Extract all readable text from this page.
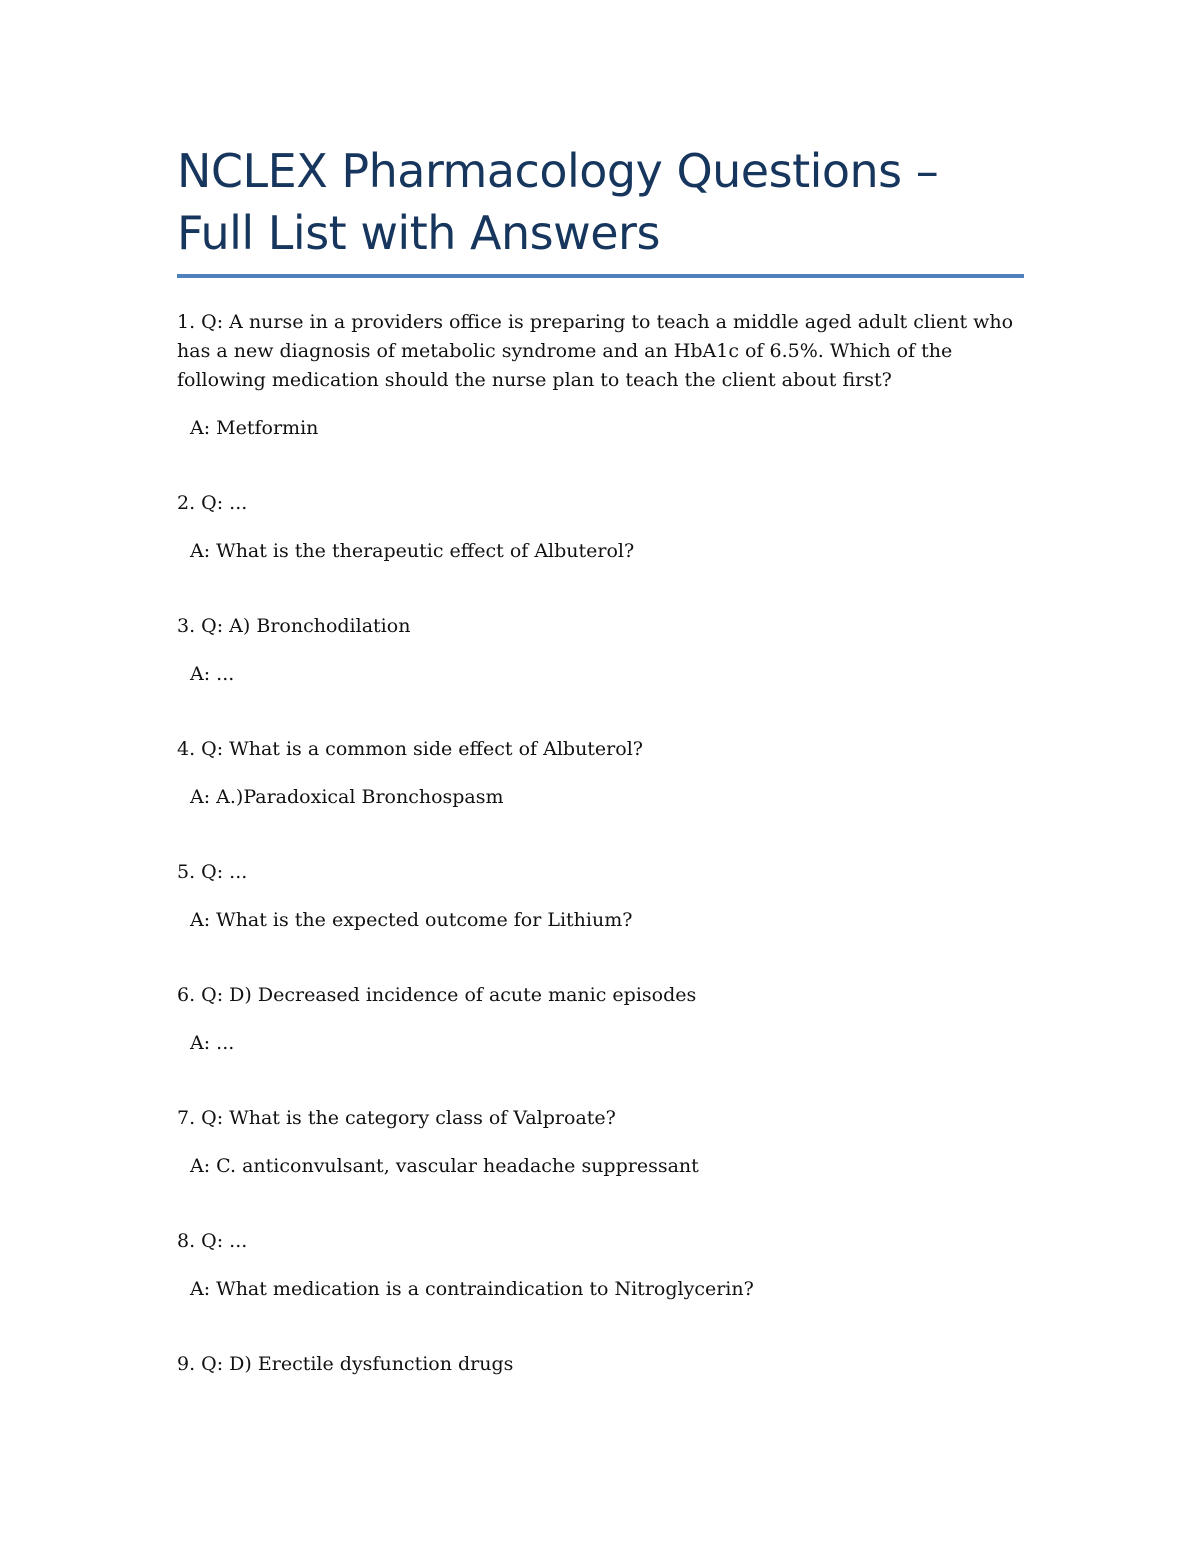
NCLEX Pharmacology Questions – Full List with Answers

1. Q: A nurse in a providers office is preparing to teach a middle aged adult client who has a new diagnosis of metabolic syndrome and an HbA1c of 6.5%. Which of the following medication should the nurse plan to teach the client about first?

A: Metformin

2. Q: ...

A: What is the therapeutic effect of Albuterol?

3. Q: A) Bronchodilation

A: ...

4. Q: What is a common side effect of Albuterol?

A: A.)Paradoxical Bronchospasm

5. Q: ...

A: What is the expected outcome for Lithium?

6. Q: D) Decreased incidence of acute manic episodes

A: ...

7. Q: What is the category class of Valproate?

A: C. anticonvulsant, vascular headache suppressant

8. Q: ...

A: What medication is a contraindication to Nitroglycerin?

9. Q: D) Erectile dysfunction drugs
